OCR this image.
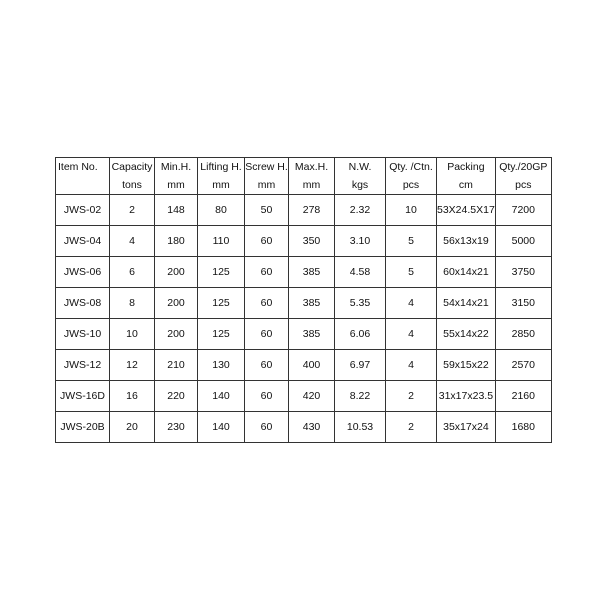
Item No.	Capacity	Min.H.	Lifting H.	Screw H.	Max.H.	N.W.	Qty. /Ctn.	Packing	Qty./20GP
	tons	mm	mm	mm	mm	kgs	pcs	cm	pcs
JWS-02	2	148	80	50	278	2.32	10	53X24.5X17	7200
JWS-04	4	180	110	60	350	3.10	5	56x13x19	5000
JWS-06	6	200	125	60	385	4.58	5	60x14x21	3750
JWS-08	8	200	125	60	385	5.35	4	54x14x21	3150
JWS-10	10	200	125	60	385	6.06	4	55x14x22	2850
JWS-12	12	210	130	60	400	6.97	4	59x15x22	2570
JWS-16D	16	220	140	60	420	8.22	2	31x17x23.5	2160
JWS-20B	20	230	140	60	430	10.53	2	35x17x24	1680
